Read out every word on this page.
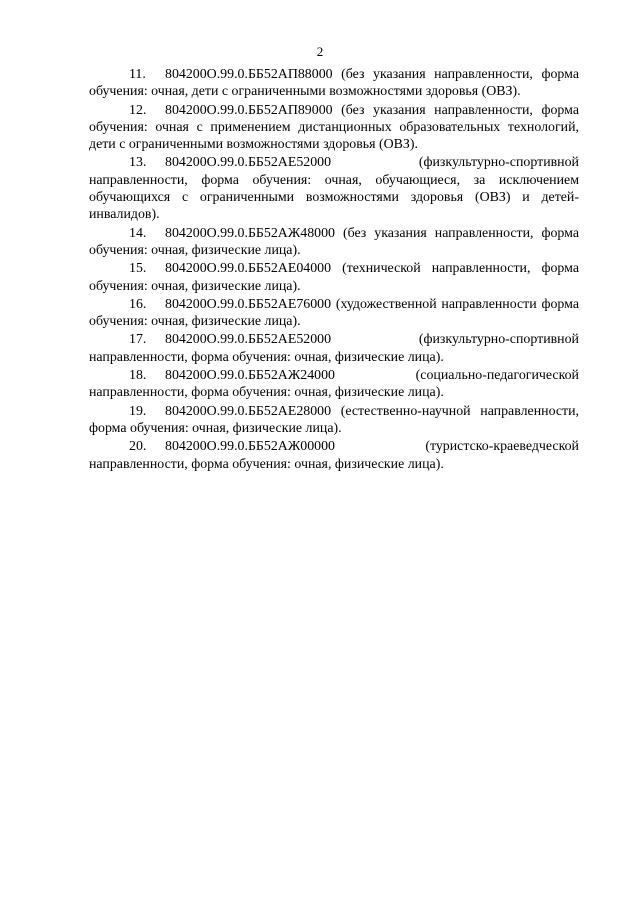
2

11. 804200О.99.0.ББ52АП88000 (без указания направленности, форма обучения: очная, дети с ограниченными возможностями здоровья (ОВЗ).

12. 804200О.99.0.ББ52АП89000 (без указания направленности, форма обучения: очная с применением дистанционных образовательных технологий, дети с ограниченными возможностями здоровья (ОВЗ).

13. 804200О.99.0.ББ52АЕ52000 (физкультурно-спортивной направленности, форма обучения: очная, обучающиеся, за исключением обучающихся с ограниченными возможностями здоровья (ОВЗ) и детей-инвалидов).

14. 804200О.99.0.ББ52АЖ48000 (без указания направленности, форма обучения: очная, физические лица).

15. 804200О.99.0.ББ52АЕ04000 (технической направленности, форма обучения: очная, физические лица).

16. 804200О.99.0.ББ52АЕ76000 (художественной направленности форма обучения: очная, физические лица).

17. 804200О.99.0.ББ52АЕ52000 (физкультурно-спортивной направленности, форма обучения: очная, физические лица).

18. 804200О.99.0.ББ52АЖ24000 (социально-педагогической направленности, форма обучения: очная, физические лица).

19. 804200О.99.0.ББ52АЕ28000 (естественно-научной направленности, форма обучения: очная, физические лица).

20. 804200О.99.0.ББ52АЖ00000 (туристско-краеведческой направленности, форма обучения: очная, физические лица).
